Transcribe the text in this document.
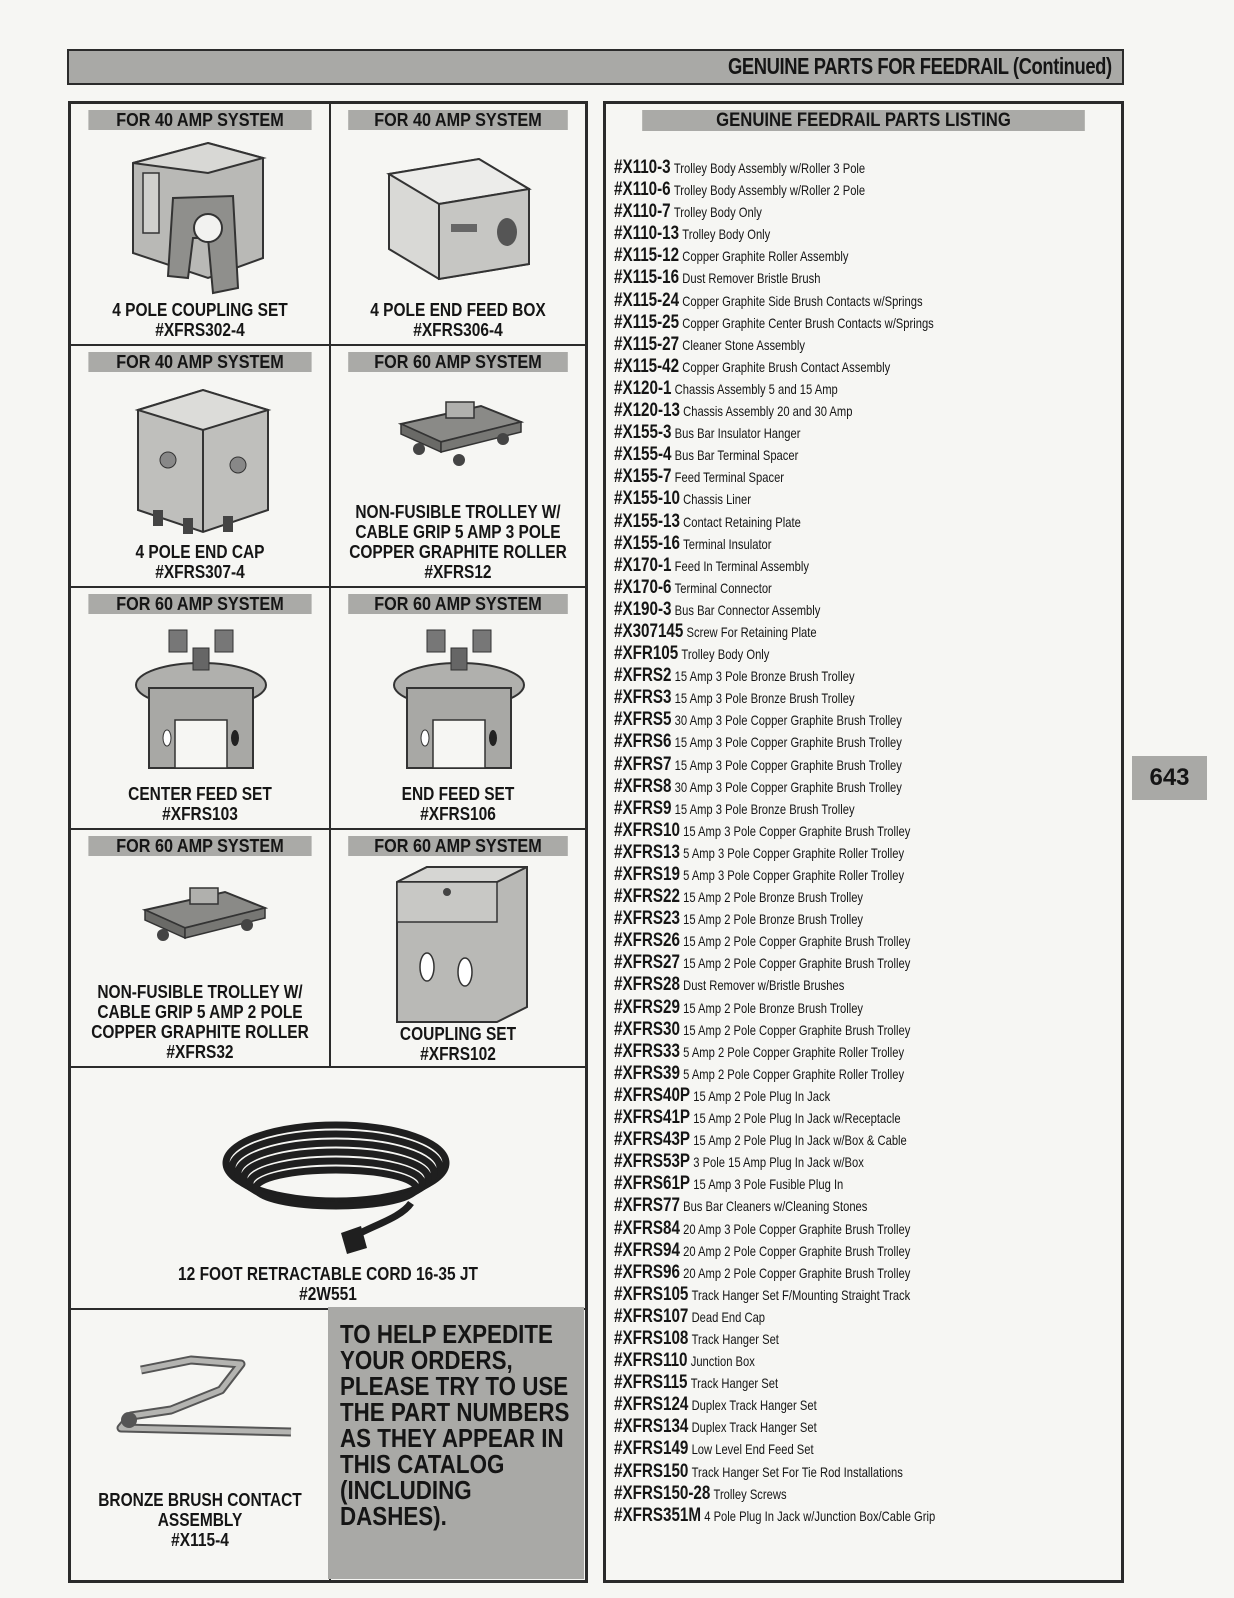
GENUINE PARTS FOR FEEDRAIL (Continued)
FOR 40 AMP SYSTEM
4 POLE COUPLING SET
#XFRS302-4
FOR 40 AMP SYSTEM
4 POLE END FEED BOX
#XFRS306-4
FOR 40 AMP SYSTEM
4 POLE END CAP
#XFRS307-4
FOR 60 AMP SYSTEM
NON-FUSIBLE TROLLEY W/
CABLE GRIP 5 AMP 3 POLE
COPPER GRAPHITE ROLLER
#XFRS12
FOR 60 AMP SYSTEM
CENTER FEED SET
#XFRS103
FOR 60 AMP SYSTEM
END FEED SET
#XFRS106
FOR 60 AMP SYSTEM
NON-FUSIBLE TROLLEY W/
CABLE GRIP 5 AMP 2 POLE
COPPER GRAPHITE ROLLER
#XFRS32
FOR 60 AMP SYSTEM
COUPLING SET
#XFRS102
12 FOOT RETRACTABLE CORD 16-35 JT
#2W551
BRONZE BRUSH CONTACT
ASSEMBLY
#X115-4
TO HELP EXPEDITE
YOUR ORDERS,
PLEASE TRY TO USE
THE PART NUMBERS
AS THEY APPEAR IN
THIS CATALOG
(INCLUDING
DASHES).
GENUINE FEEDRAIL PARTS LISTING
#X110-3 Trolley Body Assembly w/Roller 3 Pole
#X110-6 Trolley Body Assembly w/Roller 2 Pole
#X110-7 Trolley Body Only
#X110-13 Trolley Body Only
#X115-12 Copper Graphite Roller Assembly
#X115-16 Dust Remover Bristle Brush
#X115-24 Copper Graphite Side Brush Contacts w/Springs
#X115-25 Copper Graphite Center Brush Contacts w/Springs
#X115-27 Cleaner Stone Assembly
#X115-42 Copper Graphite Brush Contact Assembly
#X120-1 Chassis Assembly 5 and 15 Amp
#X120-13 Chassis Assembly 20 and 30 Amp
#X155-3 Bus Bar Insulator Hanger
#X155-4 Bus Bar Terminal Spacer
#X155-7 Feed Terminal Spacer
#X155-10 Chassis Liner
#X155-13 Contact Retaining Plate
#X155-16 Terminal Insulator
#X170-1 Feed In Terminal Assembly
#X170-6 Terminal Connector
#X190-3 Bus Bar Connector Assembly
#X307145 Screw For Retaining Plate
#XFR105 Trolley Body Only
#XFRS2 15 Amp 3 Pole Bronze Brush Trolley
#XFRS3 15 Amp 3 Pole Bronze Brush Trolley
#XFRS5 30 Amp 3 Pole Copper Graphite Brush Trolley
#XFRS6 15 Amp 3 Pole Copper Graphite Brush Trolley
#XFRS7 15 Amp 3 Pole Copper Graphite Brush Trolley
#XFRS8 30 Amp 3 Pole Copper Graphite Brush Trolley
#XFRS9 15 Amp 3 Pole Bronze Brush Trolley
#XFRS10 15 Amp 3 Pole Copper Graphite Brush Trolley
#XFRS13 5 Amp 3 Pole Copper Graphite Roller Trolley
#XFRS19 5 Amp 3 Pole Copper Graphite Roller Trolley
#XFRS22 15 Amp 2 Pole Bronze Brush Trolley
#XFRS23 15 Amp 2 Pole Bronze Brush Trolley
#XFRS26 15 Amp 2 Pole Copper Graphite Brush Trolley
#XFRS27 15 Amp 2 Pole Copper Graphite Brush Trolley
#XFRS28 Dust Remover w/Bristle Brushes
#XFRS29 15 Amp 2 Pole Bronze Brush Trolley
#XFRS30 15 Amp 2 Pole Copper Graphite Brush Trolley
#XFRS33 5 Amp 2 Pole Copper Graphite Roller Trolley
#XFRS39 5 Amp 2 Pole Copper Graphite Roller Trolley
#XFRS40P 15 Amp 2 Pole Plug In Jack
#XFRS41P 15 Amp 2 Pole Plug In Jack w/Receptacle
#XFRS43P 15 Amp 2 Pole Plug In Jack w/Box & Cable
#XFRS53P 3 Pole 15 Amp Plug In Jack w/Box
#XFRS61P 15 Amp 3 Pole Fusible Plug In
#XFRS77 Bus Bar Cleaners w/Cleaning Stones
#XFRS84 20 Amp 3 Pole Copper Graphite Brush Trolley
#XFRS94 20 Amp 2 Pole Copper Graphite Brush Trolley
#XFRS96 20 Amp 2 Pole Copper Graphite Brush Trolley
#XFRS105 Track Hanger Set F/Mounting Straight Track
#XFRS107 Dead End Cap
#XFRS108 Track Hanger Set
#XFRS110 Junction Box
#XFRS115 Track Hanger Set
#XFRS124 Duplex Track Hanger Set
#XFRS134 Duplex Track Hanger Set
#XFRS149 Low Level End Feed Set
#XFRS150 Track Hanger Set For Tie Rod Installations
#XFRS150-28 Trolley Screws
#XFRS351M 4 Pole Plug In Jack w/Junction Box/Cable Grip
643
